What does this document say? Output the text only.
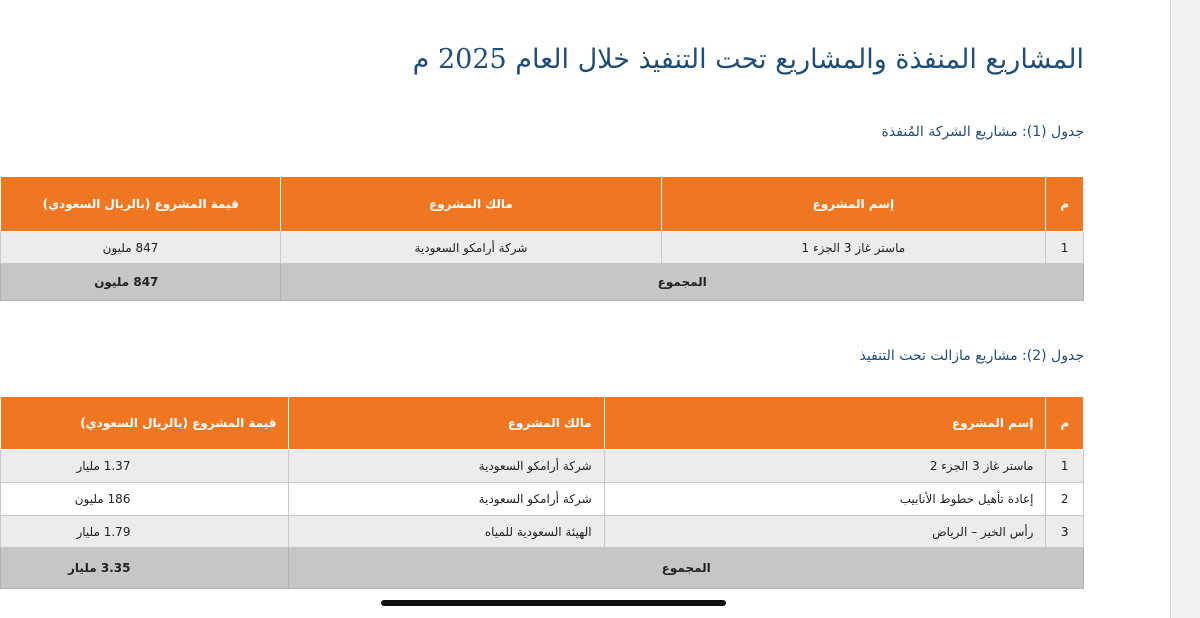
المشاريع المنفذة والمشاريع تحت التنفيذ خلال العام 2025 م

جدول (1): مشاريع الشركة المُنفذة

م	إسم المشروع	مالك المشروع	قيمة المشروع (بالريال السعودي)
1	ماستر غاز 3 الجزء 1	شركة أرامكو السعودية	847 مليون
المجموع			847 مليون

جدول (2): مشاريع مازالت تحت التنفيذ

م	إسم المشروع	مالك المشروع	قيمة المشروع (بالريال السعودي)
1	ماستر غاز 3 الجزء 2	شركة أرامكو السعودية	1.37 مليار
2	إعادة تأهيل خطوط الأنابيب	شركة أرامكو السعودية	186 مليون
3	رأس الخير – الرياض	الهيئة السعودية للمياه	1.79 مليار
المجموع			3.35 مليار
